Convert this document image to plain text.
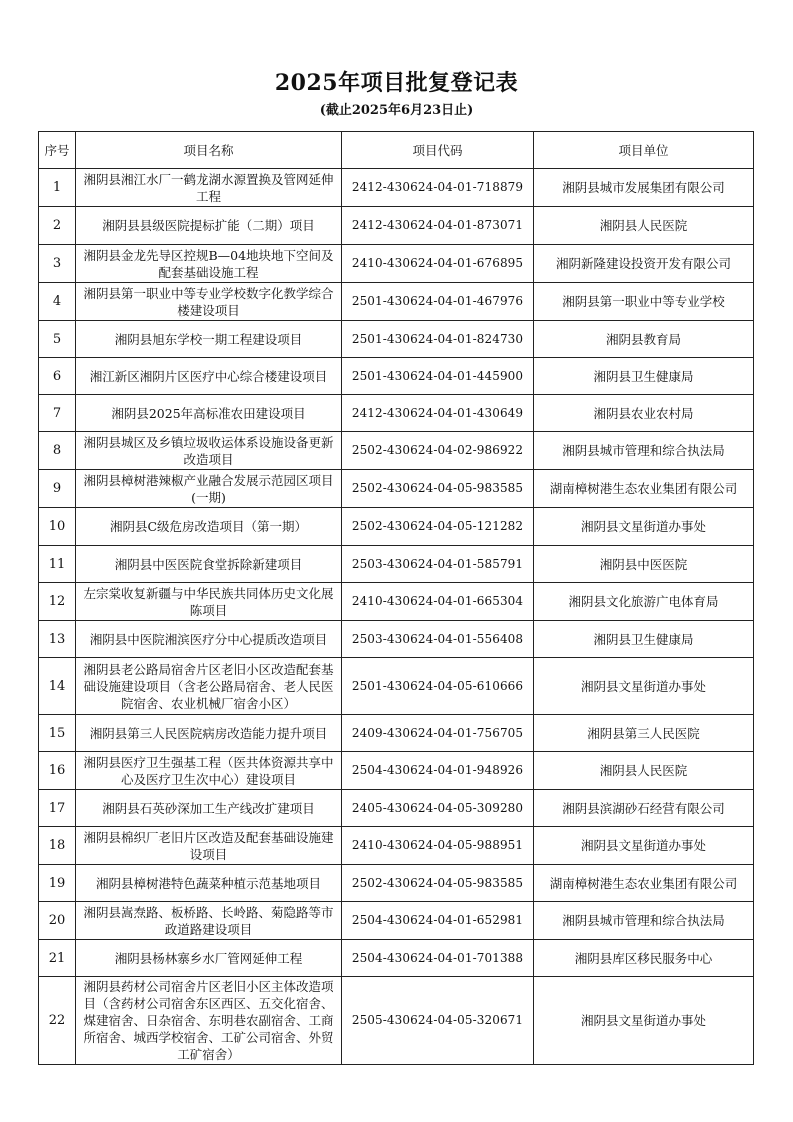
2025年项目批复登记表
(截止2025年6月23日止)
序号	项目名称	项目代码	项目单位
1	湘阴县湘江水厂一鹤龙湖水源置换及管网延伸工程	2412-430624-04-01-718879	湘阴县城市发展集团有限公司
2	湘阴县县级医院提标扩能（二期）项目	2412-430624-04-01-873071	湘阴县人民医院
3	湘阴县金龙先导区控规B—04地块地下空间及配套基础设施工程	2410-430624-04-01-676895	湘阴新隆建设投资开发有限公司
4	湘阴县第一职业中等专业学校数字化教学综合楼建设项目	2501-430624-04-01-467976	湘阴县第一职业中等专业学校
5	湘阴县旭东学校一期工程建设项目	2501-430624-04-01-824730	湘阴县教育局
6	湘江新区湘阴片区医疗中心综合楼建设项目	2501-430624-04-01-445900	湘阴县卫生健康局
7	湘阴县2025年高标准农田建设项目	2412-430624-04-01-430649	湘阴县农业农村局
8	湘阴县城区及乡镇垃圾收运体系设施设备更新改造项目	2502-430624-04-02-986922	湘阴县城市管理和综合执法局
9	湘阴县樟树港辣椒产业融合发展示范园区项目(一期)	2502-430624-04-05-983585	湖南樟树港生态农业集团有限公司
10	湘阴县C级危房改造项目（第一期）	2502-430624-04-05-121282	湘阴县文星街道办事处
11	湘阴县中医医院食堂拆除新建项目	2503-430624-04-01-585791	湘阴县中医医院
12	左宗棠收复新疆与中华民族共同体历史文化展陈项目	2410-430624-04-01-665304	湘阴县文化旅游广电体育局
13	湘阴县中医院湘滨医疗分中心提质改造项目	2503-430624-04-01-556408	湘阴县卫生健康局
14	湘阴县老公路局宿舍片区老旧小区改造配套基础设施建设项目（含老公路局宿舍、老人民医院宿舍、农业机械厂宿舍小区）	2501-430624-04-05-610666	湘阴县文星街道办事处
15	湘阴县第三人民医院病房改造能力提升项目	2409-430624-04-01-756705	湘阴县第三人民医院
16	湘阴县医疗卫生强基工程（医共体资源共享中心及医疗卫生次中心）建设项目	2504-430624-04-01-948926	湘阴县人民医院
17	湘阴县石英砂深加工生产线改扩建项目	2405-430624-04-05-309280	湘阴县滨湖砂石经营有限公司
18	湘阴县棉织厂老旧片区改造及配套基础设施建设项目	2410-430624-04-05-988951	湘阴县文星街道办事处
19	湘阴县樟树港特色蔬菜种植示范基地项目	2502-430624-04-05-983585	湖南樟树港生态农业集团有限公司
20	湘阴县嵩焘路、板桥路、长岭路、菊隐路等市政道路建设项目	2504-430624-04-01-652981	湘阴县城市管理和综合执法局
21	湘阴县杨林寨乡水厂管网延伸工程	2504-430624-04-01-701388	湘阴县库区移民服务中心
22	湘阴县药材公司宿舍片区老旧小区主体改造项目（含药材公司宿舍东区西区、五交化宿舍、煤建宿舍、日杂宿舍、东明巷农副宿舍、工商所宿舍、城西学校宿舍、工矿公司宿舍、外贸工矿宿舍）	2505-430624-04-05-320671	湘阴县文星街道办事处
